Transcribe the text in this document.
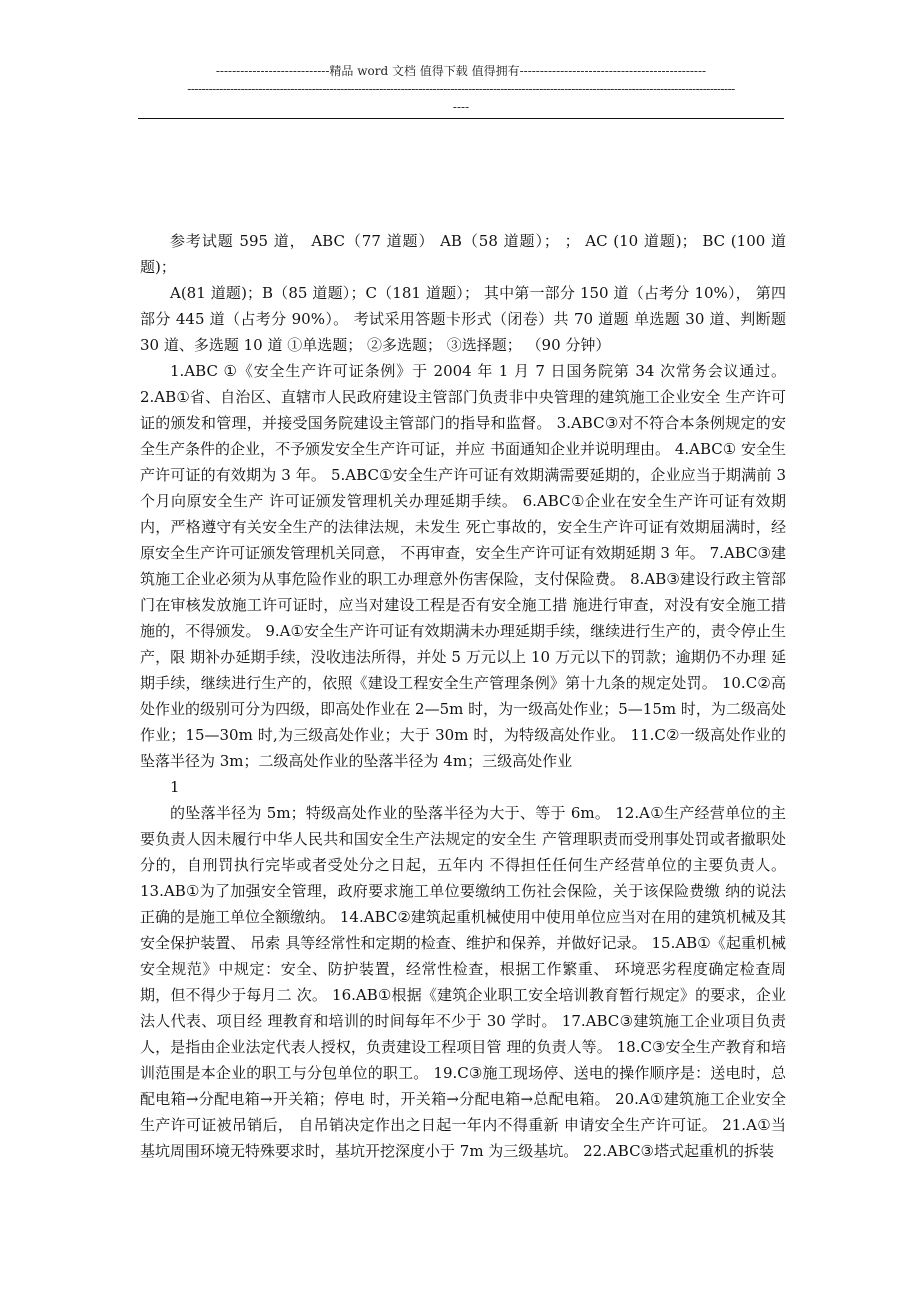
----------------------------精品 word 文档 值得下载 值得拥有----------------------------------------------
----------------------------------------------------------------------------------------------------------------------------------------------------------
----

参考试题 595 道， ABC（77 道题） AB（58 道题）； ； AC (10 道题)； BC (100 道题)；

A(81 道题)；B（85 道题）；C（181 道题）； 其中第一部分 150 道（占考分 10%）， 第四部分 445 道（占考分 90%）。 考试采用答题卡形式（闭卷）共 70 道题 单选题 30 道、判断题 30 道、多选题 10 道 ①单选题； ②多选题； ③选择题； （90 分钟）

1.ABC ①《安全生产许可证条例》于 2004 年 1 月 7 日国务院第 34 次常务会议通过。 2.AB①省、自治区、直辖市人民政府建设主管部门负责非中央管理的建筑施工企业安全 生产许可证的颁发和管理，并接受国务院建设主管部门的指导和监督。 3.ABC③对不符合本条例规定的安全生产条件的企业，不予颁发安全生产许可证，并应 书面通知企业并说明理由。 4.ABC① 安全生产许可证的有效期为 3 年。 5.ABC①安全生产许可证有效期满需要延期的，企业应当于期满前 3 个月向原安全生产 许可证颁发管理机关办理延期手续。 6.ABC①企业在安全生产许可证有效期内，严格遵守有关安全生产的法律法规，未发生 死亡事故的，安全生产许可证有效期届满时，经原安全生产许可证颁发管理机关同意， 不再审查，安全生产许可证有效期延期 3 年。 7.ABC③建筑施工企业必须为从事危险作业的职工办理意外伤害保险，支付保险费。 8.AB③建设行政主管部门在审核发放施工许可证时，应当对建设工程是否有安全施工措 施进行审查，对没有安全施工措施的，不得颁发。 9.A①安全生产许可证有效期满未办理延期手续，继续进行生产的，责令停止生产，限 期补办延期手续，没收违法所得，并处 5 万元以上 10 万元以下的罚款；逾期仍不办理 延期手续，继续进行生产的，依照《建设工程安全生产管理条例》第十九条的规定处罚。 10.C②高处作业的级别可分为四级，即高处作业在 2—5m 时，为一级高处作业；5—15m 时，为二级高处作业；15—30m 时,为三级高处作业；大于 30m 时，为特级高处作业。 11.C②一级高处作业的坠落半径为 3m；二级高处作业的坠落半径为 4m；三级高处作业

1

的坠落半径为 5m；特级高处作业的坠落半径为大于、等于 6m。 12.A①生产经营单位的主要负责人因未履行中华人民共和国安全生产法规定的安全生 产管理职责而受刑事处罚或者撤职处分的，自刑罚执行完毕或者受处分之日起，五年内 不得担任任何生产经营单位的主要负责人。 13.AB①为了加强安全管理，政府要求施工单位要缴纳工伤社会保险，关于该保险费缴 纳的说法正确的是施工单位全额缴纳。 14.ABC②建筑起重机械使用中使用单位应当对在用的建筑机械及其安全保护装置、 吊索 具等经常性和定期的检查、维护和保养，并做好记录。 15.AB①《起重机械安全规范》中规定：安全、防护装置，经常性检查，根据工作繁重、 环境恶劣程度确定检查周期，但不得少于每月二 次。 16.AB①根据《建筑企业职工安全培训教育暂行规定》的要求，企业法人代表、项目经 理教育和培训的时间每年不少于 30 学时。 17.ABC③建筑施工企业项目负责人，是指由企业法定代表人授权，负责建设工程项目管 理的负责人等。 18.C③安全生产教育和培训范围是本企业的职工与分包单位的职工。 19.C③施工现场停、送电的操作顺序是：送电时，总配电箱→分配电箱→开关箱；停电 时，开关箱→分配电箱→总配电箱。 20.A①建筑施工企业安全生产许可证被吊销后， 自吊销决定作出之日起一年内不得重新 申请安全生产许可证。 21.A①当基坑周围环境无特殊要求时，基坑开挖深度小于 7m 为三级基坑。 22.ABC③塔式起重机的拆装
